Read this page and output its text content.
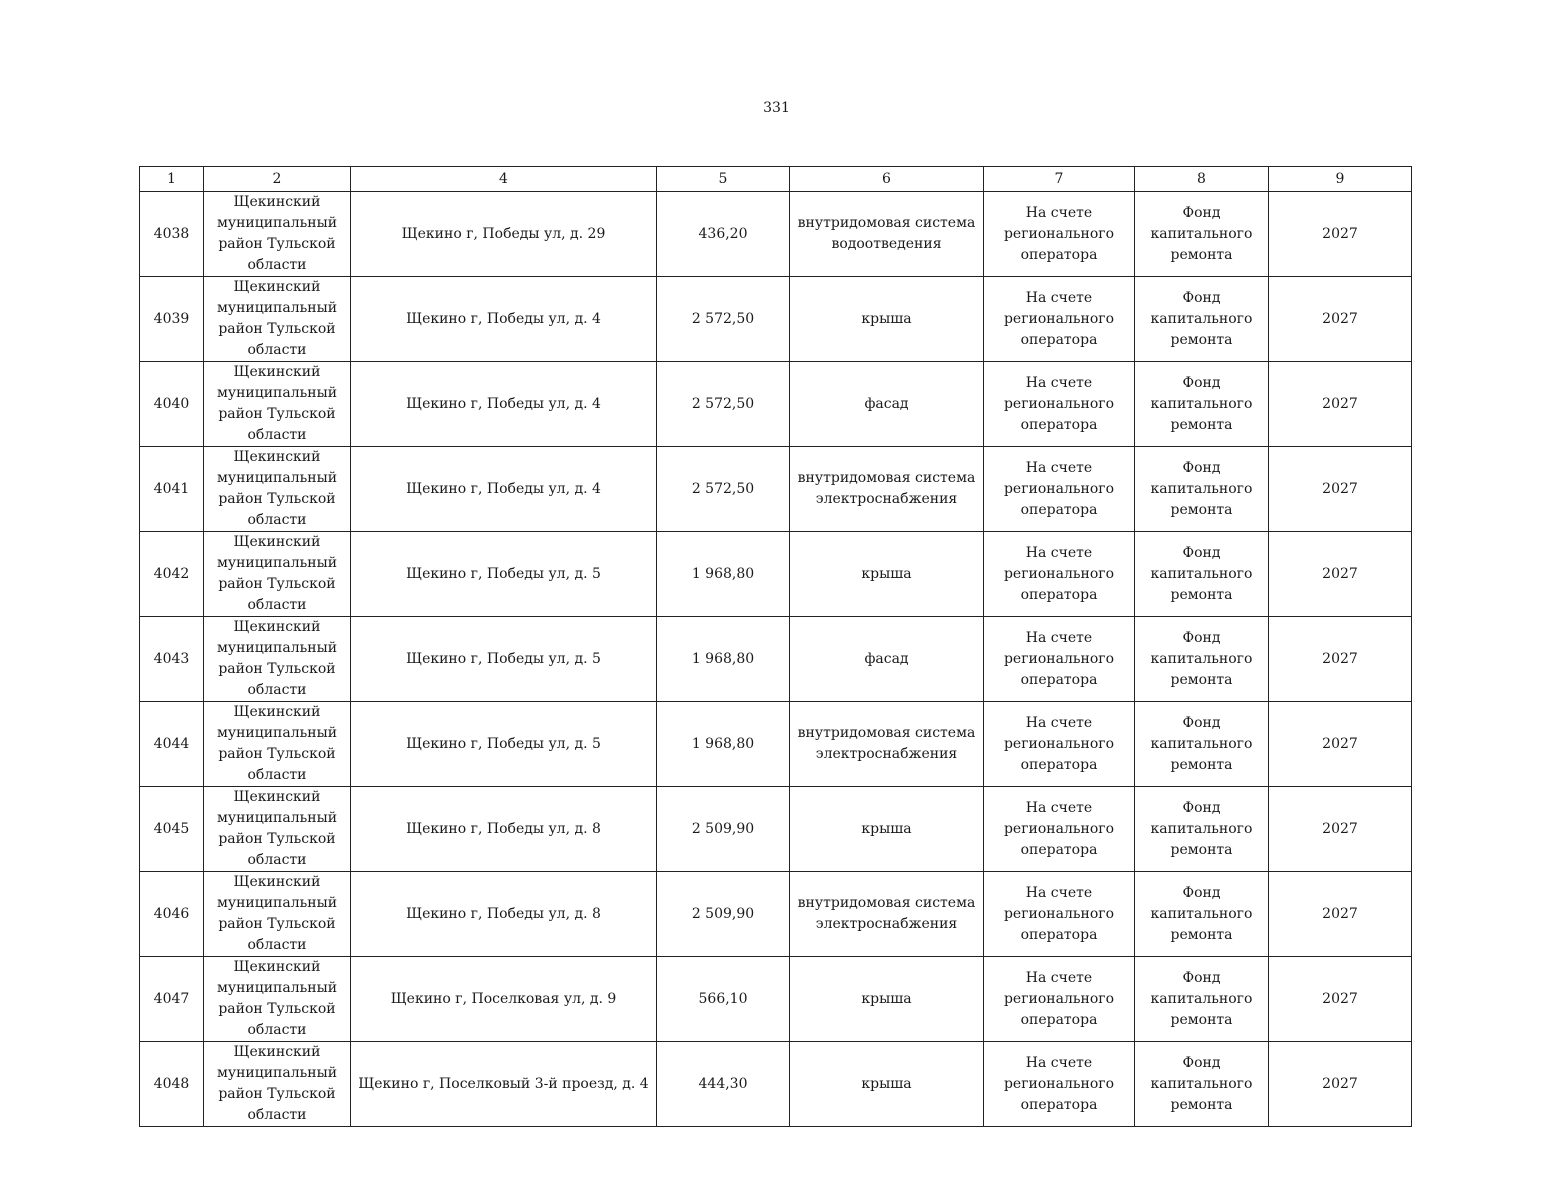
331
1	2	4	5	6	7	8	9
4038	Щекинский муниципальный район Тульской области	Щекино г, Победы ул, д. 29	436,20	внутридомовая система водоотведения	На счете регионального оператора	Фонд капитального ремонта	2027
4039	Щекинский муниципальный район Тульской области	Щекино г, Победы ул, д. 4	2 572,50	крыша	На счете регионального оператора	Фонд капитального ремонта	2027
4040	Щекинский муниципальный район Тульской области	Щекино г, Победы ул, д. 4	2 572,50	фасад	На счете регионального оператора	Фонд капитального ремонта	2027
4041	Щекинский муниципальный район Тульской области	Щекино г, Победы ул, д. 4	2 572,50	внутридомовая система электроснабжения	На счете регионального оператора	Фонд капитального ремонта	2027
4042	Щекинский муниципальный район Тульской области	Щекино г, Победы ул, д. 5	1 968,80	крыша	На счете регионального оператора	Фонд капитального ремонта	2027
4043	Щекинский муниципальный район Тульской области	Щекино г, Победы ул, д. 5	1 968,80	фасад	На счете регионального оператора	Фонд капитального ремонта	2027
4044	Щекинский муниципальный район Тульской области	Щекино г, Победы ул, д. 5	1 968,80	внутридомовая система электроснабжения	На счете регионального оператора	Фонд капитального ремонта	2027
4045	Щекинский муниципальный район Тульской области	Щекино г, Победы ул, д. 8	2 509,90	крыша	На счете регионального оператора	Фонд капитального ремонта	2027
4046	Щекинский муниципальный район Тульской области	Щекино г, Победы ул, д. 8	2 509,90	внутридомовая система электроснабжения	На счете регионального оператора	Фонд капитального ремонта	2027
4047	Щекинский муниципальный район Тульской области	Щекино г, Поселковая ул, д. 9	566,10	крыша	На счете регионального оператора	Фонд капитального ремонта	2027
4048	Щекинский муниципальный район Тульской области	Щекино г, Поселковый 3-й проезд, д. 4	444,30	крыша	На счете регионального оператора	Фонд капитального ремонта	2027
